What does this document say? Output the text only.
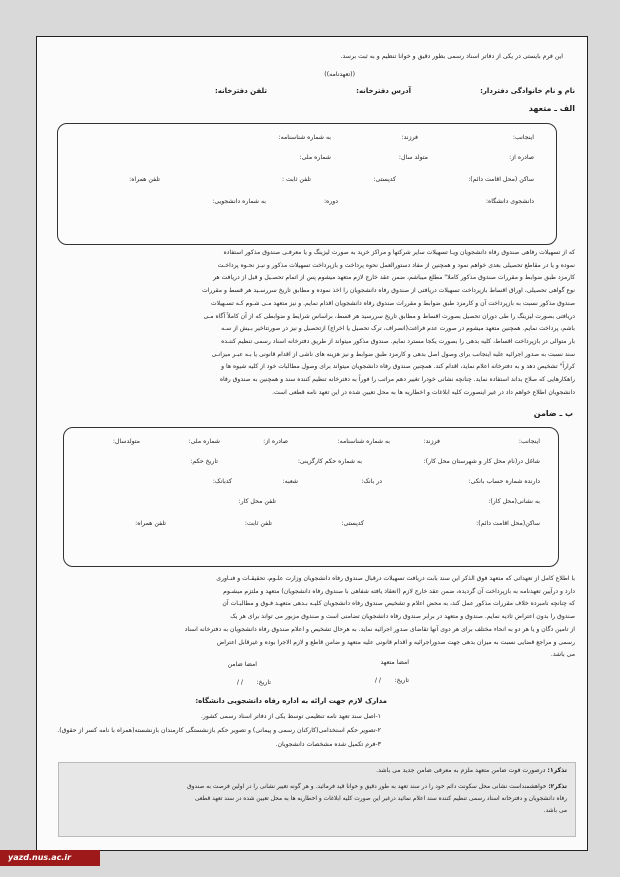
این فرم بایستی در یکی از دفاتر اسناد رسمی بطور دقیق و خوانا تنظیم و به ثبت برسد.
((تعهدنامه))
نام و نام خانوادگی دفتردار:
آدرس دفترخانه:
تلفن دفترخانه:
الف ـ متعهد
اینجانب:
فرزند:
به شماره شناسنامه:
صادره از:
متولد سال:
شماره ملی:
ساکن (محل اقامت دائم):
کدپستی:
تلفن ثابت :
تلفن همراه:
دانشجوی دانشگاه:
دوره:
به شماره دانشجویی:
که از تسهیلات رفاهی صندوق رفاه دانشجویان ویـا تسهیلات سایر شرکتها و مراکز خرید به صورت لیزینگ و یا معرفـی صندوق مذکور استفاده
نموده و یا در مقاطع تحصیلی بعدی خواهم نمود و همچنین از مفاد دستورالعمل نحوه پرداخت و بازپرداخت تسهیلات مذکور و نیـز نحـوه پرداخـت
کارمزد طبق ضوابط و مقررات صندوق مذکور کاملا" مطلع میباشم، ضمن عقد خارج لازم متعهد میشوم پس از اتمام تحصـیل و قبل از دریافت هر
نوع گواهی تحصیلی، اوراق اقساط بازپرداخت تسهیلات دریافتی از صندوق رفاه دانشجویان را اخذ نموده و مطابق تاریخ سررسـید هر قسط و مقررات
صندوق مذکور نسبت به بازپرداخت آن و کارمزد طبق ضوابط و مقررات صندوق رفاه دانشجویان اقدام نمایم. و نیز متعهد مـی شـوم کـه تسـهیلات
دریافتی بصورت لیزینگ را طی دوران تحصیل بصورت اقساط و مطابق تاریخ سررسید هر قسط، براساس شرایط و ضوابطی که از آن کاملاً آگاه مـی
باشم، پرداخت نمایم. همچنین متعهد میشوم در صورت عدم فراغت(انصراف، ترک تحصیل یا اخراج) ازتحصیل و نیز در صورتتاخیر بـیش از سـه
بار متوالی در بازپرداخت اقساط، کلیه بدهی را بصورت یکجا مسترد نمایم. صندوق مذکور میتواند از طریق دفترخانه اسناد رسمی تنظیم کننـده
سند نسبت به صدور اجرائیه علیه اینجانب برای وصول اصل بدهی و کارمزد طبق ضوابط و نیز هزینه های ناشی از اقدام قانونی یا بـه عبـر میزانـی
کراراً" تشخیص دهد و به دفترخانه اعلام نماید، اقدام کند. همچنین صندوق رفاه دانشجویان میتواند برای وصول مطالبات خود از کلیه شیوه ها و
راهکارهایی که صلاح بداند استفاده نماید. چنانچه نشانی خودرا تغییر دهم مراتب را فوراً به دفترخانه تنظیم کننده سند و همچنین به صندوق رفاه
دانشجویان اطلاع خواهم داد در غیر اینصورت کلیه ابلاغات و اخطاریه ها به محل تعیین شده در این تعهد نامه قطعی است.
ب ـ ضامن
اینجانب:
فرزند:
به شماره شناسنامه:
صادره از:
شماره ملی:
متولدسال:
شاغل در(نام محل کار و شهرستان محل کار):
به شماره حکم کارگزینی:
تاریخ حکم:
دارنده شماره حساب بانکی:
در بانک:
شعبه:
کدبانک:
به نشانی(محل کار):
تلفن محل کار:
ساکن(محل اقامت دائم):
کدپستی:
تلفن ثابت:
تلفن همراه:
با اطلاع کامل از تعهداتی که متعهد فوق الذکر این سند بابت دریافت تسهیلات درقبال صندوق رفاه دانشجویان وزارت علـوم، تحقیقـات و فنـاوری
دارد و درآیین تعهدنامه به بازپرداخت آن گردیده، ضمن عقد خارج لازم (انعقاد یافته شفاهی با صندوق رفاه دانشجویان) متعهد و ملتزم میشـوم
که چنانچه نامبرده خلاف مقررات مذکور عمل کند، به محض اعلام و تشخیص صندوق رفاه دانشجویان کلیـه بـدهی متعهـد فـوق و مطالبـات آن
صندوق را بدون اعتراض تادیه نمایم. صندوق و متعهد در برابر صندوق رفاه دانشجویان تضامنی است و صندوق مزبور می تواند برای هر یک
از تامین دگان و یا هر دو به انحاء مختلف برای هر دوی آنها تقاضای صدور اجرائیه نماید. به هرحال تشخیص و اعلام صندوق رفاه دانشجویان به دفترخانه اسناد
رسمی و مراجع قضایی نسبت به میزان بدهی جهت صدوراجرائیه و اقدام قانونی علیه متعهد و ضامن قاطع و لازم الاجرا بوده و غیرقابل اعتراض
می باشد.
امضا متعهد
امضا ضامن
تاریخ:
/ /
تاریخ:
/ /
مدارک لازم جهت ارائه به اداره رفاه دانشجویی دانشگاه:
۱-اصل سند تعهد نامه تنظیمی توسط یکی از دفاتر اسناد رسمی کشور.
۲-تصویر حکم استخدامی(کارکنان رسمی و پیمانی) و تصویر حکم بازنشستگی کارمندان بازنشسته(همراه با نامه کسر از حقوق).
۳-فرم تکمیل شده مشخصات دانشجویان.
تذکر۱: درصورت فوت ضامن متعهد ملزم به معرفی ضامن جدید می باشد.
تذکر۲: خواهشمنداست نشانی محل سکونت دائم خود را در سند تعهد به طور دقیق و خوانا قید فرمائید. و هر گونه تغییر نشانی را در اولین فرصت به صندوق
رفاه دانشجویان و دفترخانه اسناد رسمی تنظیم کننده سند اعلام نمائید درغیر این صورت کلیه ابلاغات و اخطاریه ها به محل تعیین شده در سند تعهد قطعی
می باشد.
yazd.nus.ac.ir
